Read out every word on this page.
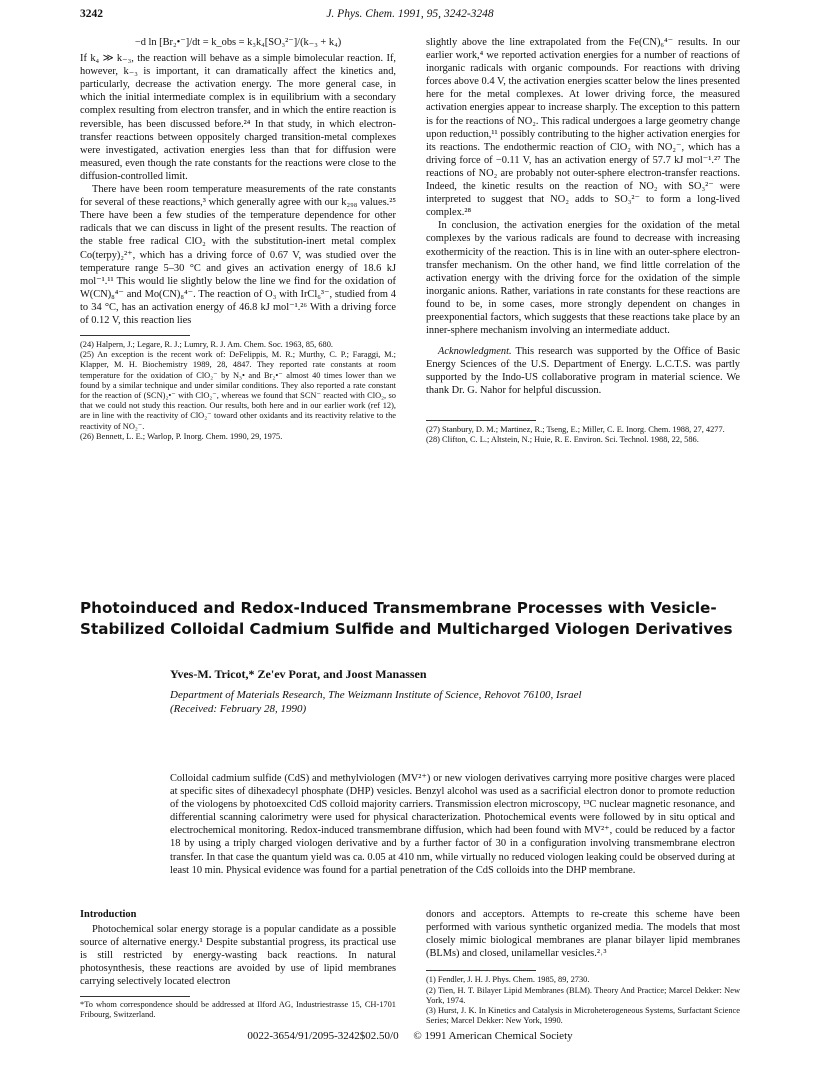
3242	J. Phys. Chem. 1991, 95, 3242-3248

−d ln [Br₂•⁻]/dt = k_obs = k₃k₄[SO₃²⁻]/(k₋₃ + k₄)

If k₄ ≫ k₋₃, the reaction will behave as a simple bimolecular reaction. If, however, k₋₃ is important, it can dramatically affect the kinetics and, particularly, decrease the activation energy. The more general case, in which the initial intermediate complex is in equilibrium with a secondary complex resulting from electron transfer, and in which the entire reaction is reversible, has been discussed before.²⁴ In that study, in which electron-transfer reactions between oppositely charged transition-metal complexes were investigated, activation energies less than that for diffusion were measured, even though the rate constants for the reactions were close to the diffusion-controlled limit.

There have been room temperature measurements of the rate constants for several of these reactions,³ which generally agree with our k₂₉₈ values.²⁵ There have been a few studies of the temperature dependence for other radicals that we can discuss in light of the present results. The reaction of the stable free radical ClO₂ with the substitution-inert metal complex Co(terpy)₂²⁺, which has a driving force of 0.67 V, was studied over the temperature range 5–30 °C and gives an activation energy of 18.6 kJ mol⁻¹.¹¹ This would lie slightly below the line we find for the oxidation of W(CN)₈⁴⁻ and Mo(CN)₈⁴⁻. The reaction of O₃ with IrCl₆³⁻, studied from 4 to 34 °C, has an activation energy of 46.8 kJ mol⁻¹.²⁶ With a driving force of 0.12 V, this reaction lies

(24) Halpern, J.; Legare, R. J.; Lumry, R. J. Am. Chem. Soc. 1963, 85, 680.
(25) An exception is the recent work of: DeFelippis, M. R.; Murthy, C. P.; Faraggi, M.; Klapper, M. H. Biochemistry 1989, 28, 4847. They reported rate constants at room temperature for the oxidation of ClO₂⁻ by N₃• and Br₂•⁻ almost 40 times lower than we found by a similar technique and under similar conditions. They also reported a rate constant for the reaction of (SCN)₂•⁻ with ClO₂⁻, whereas we found that SCN⁻ reacted with ClO₂, so that we could not study this reaction. Our results, both here and in our earlier work (ref 12), are in line with the reactivity of ClO₂⁻ toward other oxidants and its reactivity relative to the reactivity of NO₂⁻.
(26) Bennett, L. E.; Warlop, P. Inorg. Chem. 1990, 29, 1975.

slightly above the line extrapolated from the Fe(CN)₆⁴⁻ results. In our earlier work,⁴ we reported activation energies for a number of reactions of inorganic radicals with organic compounds. For reactions with driving forces above 0.4 V, the activation energies scatter below the lines presented here for the metal complexes. At lower driving force, the measured activation energies appear to increase sharply. The exception to this pattern is for the reactions of NO₂. This radical undergoes a large geometry change upon reduction,¹¹ possibly contributing to the higher activation energies for its reactions. The endothermic reaction of ClO₂ with NO₂⁻, which has a driving force of −0.11 V, has an activation energy of 57.7 kJ mol⁻¹.²⁷ The reactions of NO₂ are probably not outer-sphere electron-transfer reactions. Indeed, the kinetic results on the reaction of NO₂ with SO₃²⁻ were interpreted to suggest that NO₂ adds to SO₃²⁻ to form a long-lived complex.²⁸

In conclusion, the activation energies for the oxidation of the metal complexes by the various radicals are found to decrease with increasing exothermicity of the reaction. This is in line with an outer-sphere electron-transfer mechanism. On the other hand, we find little correlation of the activation energy with the driving force for the oxidation of the simple inorganic anions. Rather, variations in rate constants for these reactions are found to be, in some cases, more strongly dependent on changes in preexponential factors, which suggests that these reactions take place by an inner-sphere mechanism involving an intermediate adduct.

Acknowledgment. This research was supported by the Office of Basic Energy Sciences of the U.S. Department of Energy. L.C.T.S. was partly supported by the Indo-US collaborative program in material science. We thank Dr. G. Nahor for helpful discussion.

(27) Stanbury, D. M.; Martinez, R.; Tseng, E.; Miller, C. E. Inorg. Chem. 1988, 27, 4277.
(28) Clifton, C. L.; Altstein, N.; Huie, R. E. Environ. Sci. Technol. 1988, 22, 586.
Photoinduced and Redox-Induced Transmembrane Processes with Vesicle-Stabilized Colloidal Cadmium Sulfide and Multicharged Viologen Derivatives
Yves-M. Tricot,* Ze'ev Porat, and Joost Manassen
Department of Materials Research, The Weizmann Institute of Science, Rehovot 76100, Israel
(Received: February 28, 1990)
Colloidal cadmium sulfide (CdS) and methylviologen (MV²⁺) or new viologen derivatives carrying more positive charges were placed at specific sites of dihexadecyl phosphate (DHP) vesicles. Benzyl alcohol was used as a sacrificial electron donor to promote reduction of the viologens by photoexcited CdS colloid majority carriers. Transmission electron microscopy, ¹³C nuclear magnetic resonance, and differential scanning calorimetry were used for physical characterization. Photochemical events were followed by in situ optical and electrochemical monitoring. Redox-induced transmembrane diffusion, which had been found with MV²⁺, could be reduced by a factor 18 by using a triply charged viologen derivative and by a further factor of 30 in a configuration involving transmembrane electron transfer. In that case the quantum yield was ca. 0.05 at 410 nm, while virtually no reduced viologen leaking could be observed during at least 10 min. Physical evidence was found for a partial penetration of the CdS colloids into the DHP membrane.

Introduction

Photochemical solar energy storage is a popular candidate as a possible source of alternative energy.¹ Despite substantial progress, its practical use is still restricted by energy-wasting back reactions. In natural photosynthesis, these reactions are avoided by use of lipid membranes carrying selectively located electron

*To whom correspondence should be addressed at Ilford AG, Industriestrasse 15, CH-1701 Fribourg, Switzerland.

donors and acceptors. Attempts to re-create this scheme have been performed with various synthetic organized media. The models that most closely mimic biological membranes are planar bilayer lipid membranes (BLMs) and closed, unilamellar vesicles.²˒³

(1) Fendler, J. H. J. Phys. Chem. 1985, 89, 2730.
(2) Tien, H. T. Bilayer Lipid Membranes (BLM). Theory And Practice; Marcel Dekker: New York, 1974.
(3) Hurst, J. K. In Kinetics and Catalysis in Microheterogeneous Systems, Surfactant Science Series; Marcel Dekker: New York, 1990.
0022-3654/91/2095-3242$02.50/0 © 1991 American Chemical Society
